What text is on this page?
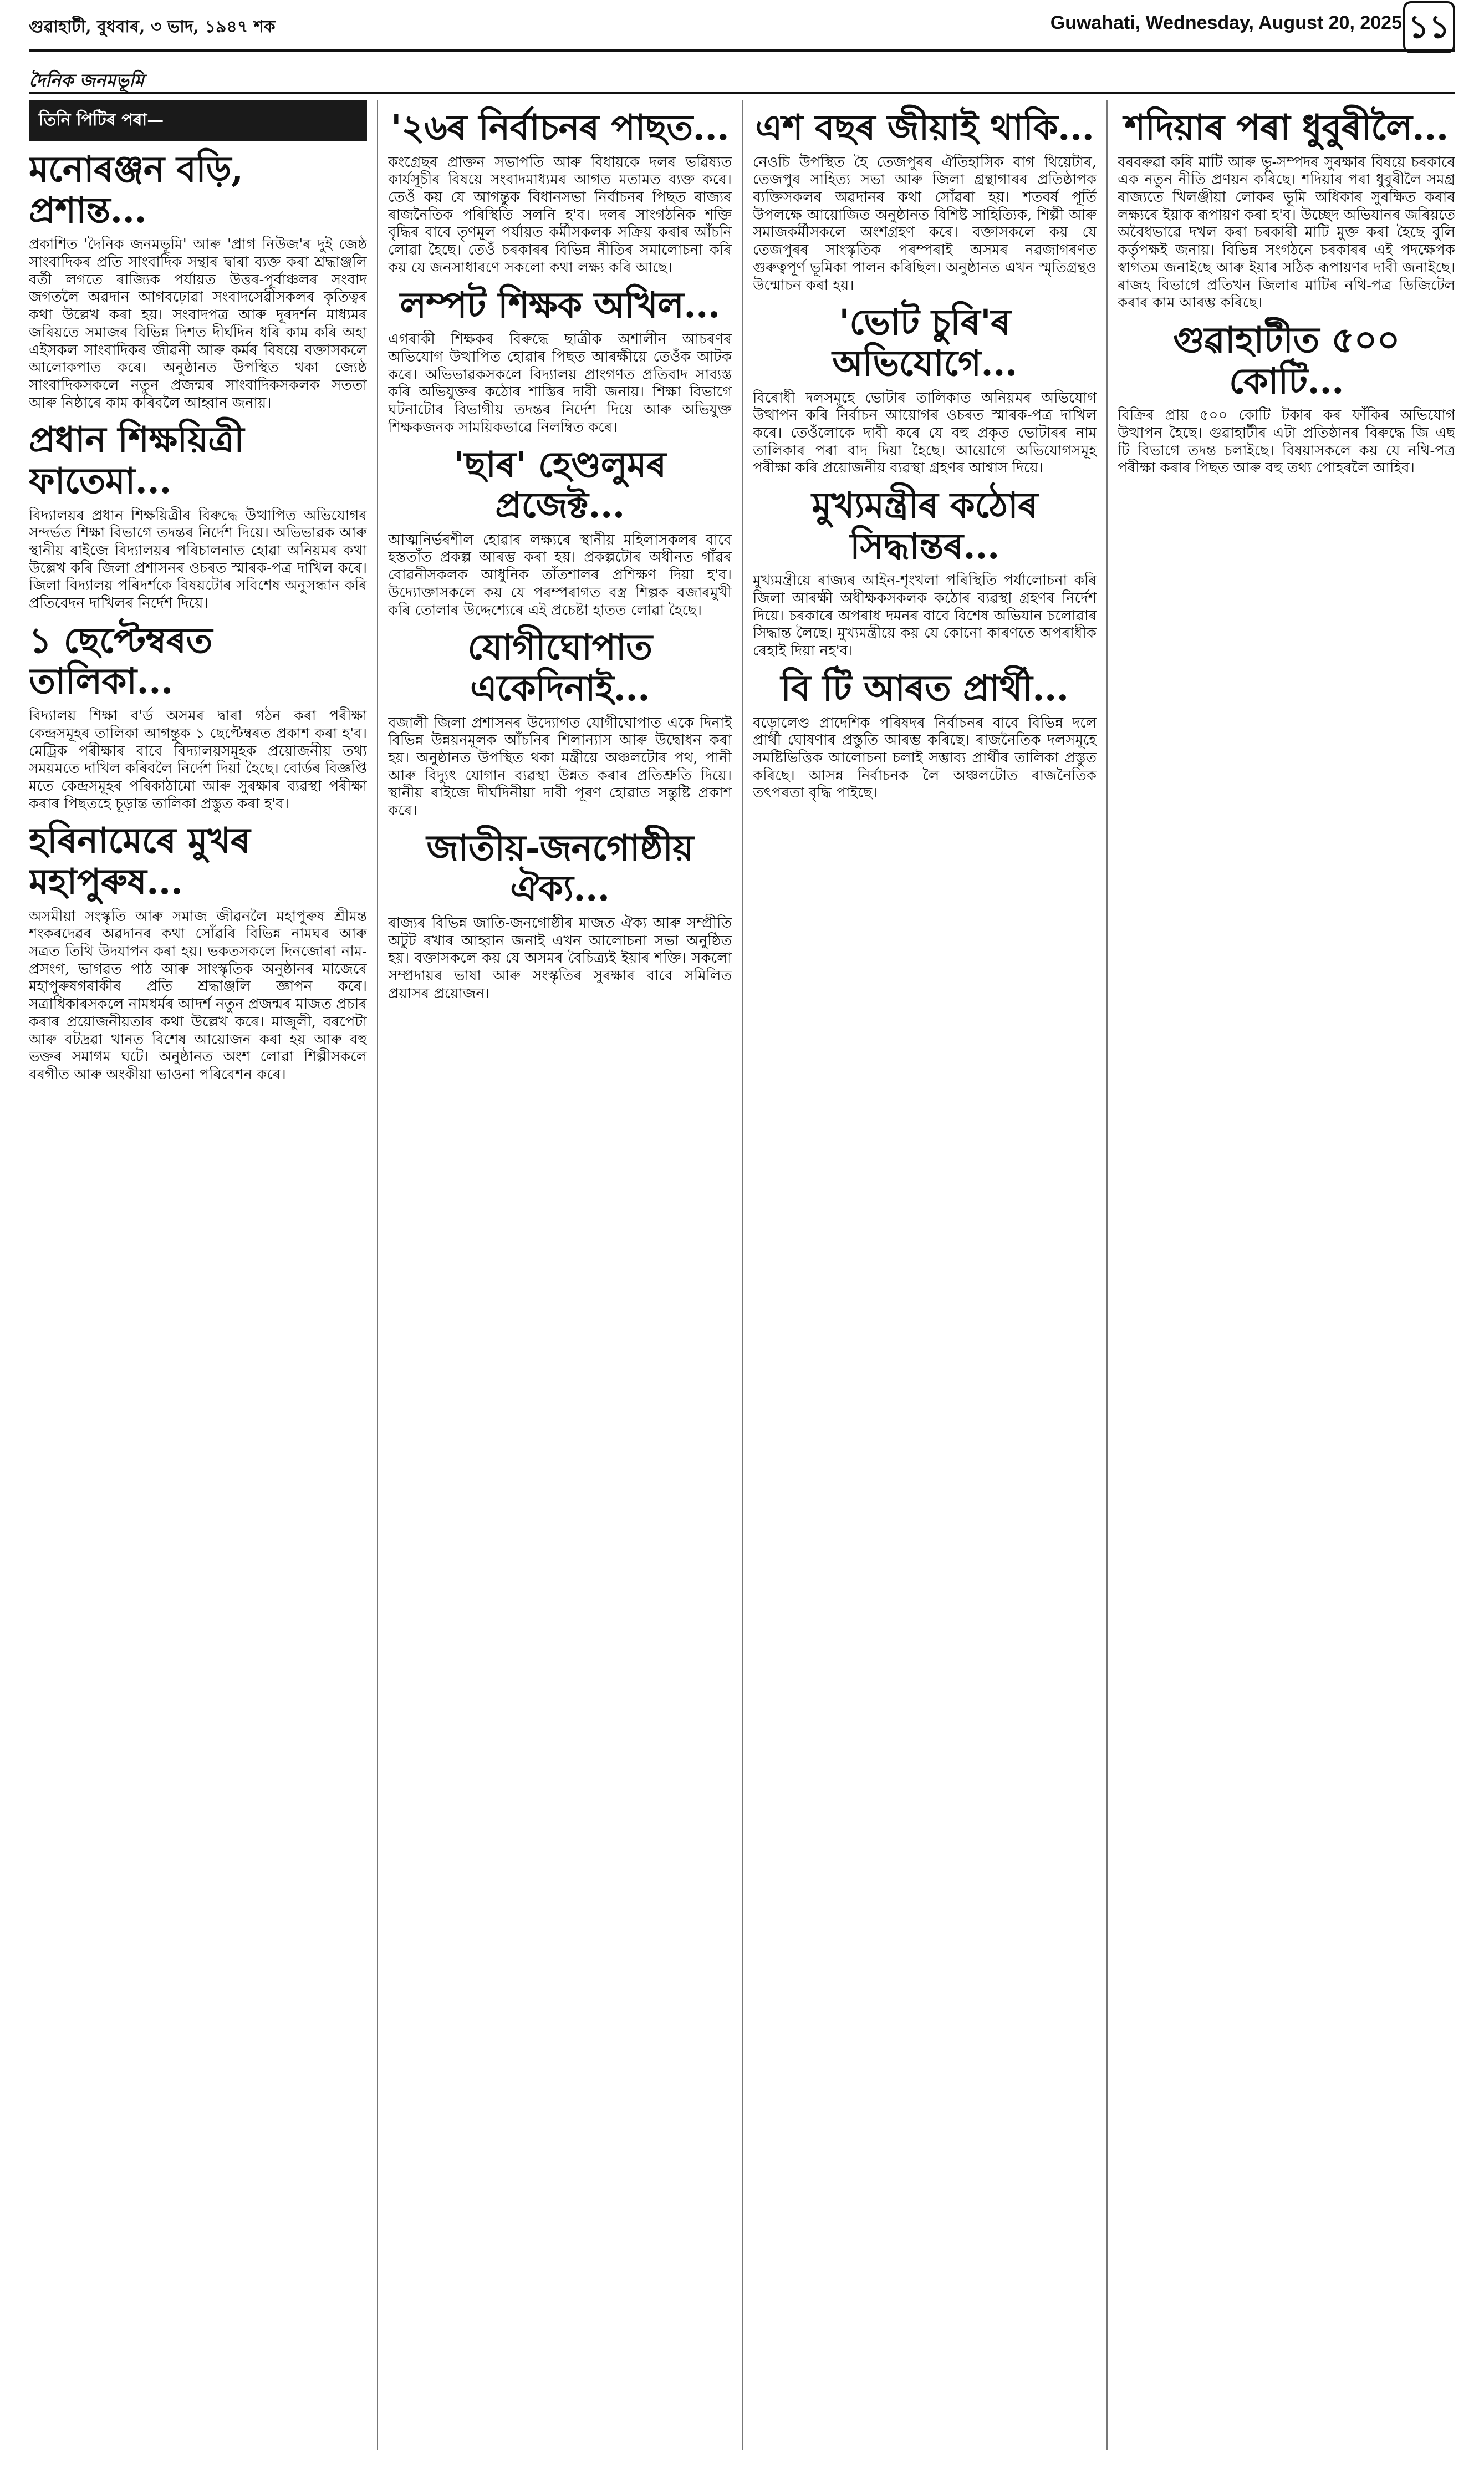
গুৱাহাটী, বুধবাৰ, ৩ ভাদ, ১৯৪৭ শক	Guwahati, Wednesday, August 20, 2025 ১১
দৈনিক জনমভূমি
তিনি পিটিৰ পৰা—
মনোৰঞ্জন বড়ি, প্ৰশান্ত...

প্ৰকাশিত 'দৈনিক জনমভূমি' আৰু 'প্ৰাগ নিউজ'ৰ দুই জেষ্ঠ সাংবাদিকৰ প্ৰতি সাংবাদিক সন্থাৰ দ্বাৰা ব্যক্ত কৰা শ্ৰদ্ধাঞ্জলি বৰ্তী লগতে ৰাজ্যিক পৰ্যায়ত উত্তৰ-পূৰ্বাঞ্চলৰ সংবাদ জগতলৈ অৱদান আগবঢ়োৱা সংবাদসেৱীসকলৰ কৃতিত্বৰ কথা উল্লেখ কৰা হয়। সংবাদপত্ৰ আৰু দূৰদৰ্শন মাধ্যমৰ জৰিয়তে সমাজৰ বিভিন্ন দিশত দীৰ্ঘদিন ধৰি কাম কৰি অহা এইসকল সাংবাদিকৰ জীৱনী আৰু কৰ্মৰ বিষয়ে বক্তাসকলে আলোকপাত কৰে। অনুষ্ঠানত উপস্থিত থকা জ্যেষ্ঠ সাংবাদিকসকলে নতুন প্ৰজন্মৰ সাংবাদিকসকলক সততা আৰু নিষ্ঠাৰে কাম কৰিবলৈ আহ্বান জনায়।

প্ৰধান শিক্ষয়িত্ৰী ফাতেমা...

বিদ্যালয়ৰ প্ৰধান শিক্ষয়িত্ৰীৰ বিৰুদ্ধে উত্থাপিত অভিযোগৰ সন্দৰ্ভত শিক্ষা বিভাগে তদন্তৰ নিৰ্দেশ দিয়ে। অভিভাৱক আৰু স্থানীয় ৰাইজে বিদ্যালয়ৰ পৰিচালনাত হোৱা অনিয়মৰ কথা উল্লেখ কৰি জিলা প্ৰশাসনৰ ওচৰত স্মাৰক-পত্ৰ দাখিল কৰে। জিলা বিদ্যালয় পৰিদৰ্শকে বিষয়টোৰ সবিশেষ অনুসন্ধান কৰি প্ৰতিবেদন দাখিলৰ নিৰ্দেশ দিয়ে।

১ ছেপ্টেম্বৰত তালিকা...

বিদ্যালয় শিক্ষা ব'ৰ্ড অসমৰ দ্বাৰা গঠন কৰা পৰীক্ষা কেন্দ্ৰসমূহৰ তালিকা আগন্তুক ১ ছেপ্টেম্বৰত প্ৰকাশ কৰা হ'ব। মেট্ৰিক পৰীক্ষাৰ বাবে বিদ্যালয়সমূহক প্ৰয়োজনীয় তথ্য সময়মতে দাখিল কৰিবলৈ নিৰ্দেশ দিয়া হৈছে। বোৰ্ডৰ বিজ্ঞপ্তি মতে কেন্দ্ৰসমূহৰ পৰিকাঠামো আৰু সুৰক্ষাৰ ব্যৱস্থা পৰীক্ষা কৰাৰ পিছতহে চূড়ান্ত তালিকা প্ৰস্তুত কৰা হ'ব।

হৰিনামেৰে মুখৰ মহাপুৰুষ...

অসমীয়া সংস্কৃতি আৰু সমাজ জীৱনলৈ মহাপুৰুষ শ্ৰীমন্ত শংকৰদেৱৰ অৱদানৰ কথা সোঁৱৰি বিভিন্ন নামঘৰ আৰু সত্ৰত তিথি উদযাপন কৰা হয়। ভকতসকলে দিনজোৰা নাম-প্ৰসংগ, ভাগৱত পাঠ আৰু সাংস্কৃতিক অনুষ্ঠানৰ মাজেৰে মহাপুৰুষগৰাকীৰ প্ৰতি শ্ৰদ্ধাঞ্জলি জ্ঞাপন কৰে। সত্ৰাধিকাৰসকলে নামধৰ্মৰ আদৰ্শ নতুন প্ৰজন্মৰ মাজত প্ৰচাৰ কৰাৰ প্ৰয়োজনীয়তাৰ কথা উল্লেখ কৰে। মাজুলী, বৰপেটা আৰু বটদ্ৰৱা থানত বিশেষ আয়োজন কৰা হয় আৰু বহু ভক্তৰ সমাগম ঘটে। অনুষ্ঠানত অংশ লোৱা শিল্পীসকলে বৰগীত আৰু অংকীয়া ভাওনা পৰিবেশন কৰে।

'২৬ৰ নিৰ্বাচনৰ পাছত...

কংগ্ৰেছৰ প্ৰাক্তন সভাপতি আৰু বিধায়কে দলৰ ভৱিষ্যত কাৰ্যসূচীৰ বিষয়ে সংবাদমাধ্যমৰ আগত মতামত ব্যক্ত কৰে। তেওঁ কয় যে আগন্তুক বিধানসভা নিৰ্বাচনৰ পিছত ৰাজ্যৰ ৰাজনৈতিক পৰিস্থিতি সলনি হ'ব। দলৰ সাংগঠনিক শক্তি বৃদ্ধিৰ বাবে তৃণমূল পৰ্যায়ত কৰ্মীসকলক সক্ৰিয় কৰাৰ আঁচনি লোৱা হৈছে। তেওঁ চৰকাৰৰ বিভিন্ন নীতিৰ সমালোচনা কৰি কয় যে জনসাধাৰণে সকলো কথা লক্ষ্য কৰি আছে।

লম্পট শিক্ষক অখিল...

এগৰাকী শিক্ষকৰ বিৰুদ্ধে ছাত্ৰীক অশালীন আচৰণৰ অভিযোগ উত্থাপিত হোৱাৰ পিছত আৰক্ষীয়ে তেওঁক আটক কৰে। অভিভাৱকসকলে বিদ্যালয় প্ৰাংগণত প্ৰতিবাদ সাব্যস্ত কৰি অভিযুক্তৰ কঠোৰ শাস্তিৰ দাবী জনায়। শিক্ষা বিভাগে ঘটনাটোৰ বিভাগীয় তদন্তৰ নিৰ্দেশ দিয়ে আৰু অভিযুক্ত শিক্ষকজনক সাময়িকভাৱে নিলম্বিত কৰে।

'ছাৰ' হেণ্ডলুমৰ প্ৰজেক্ট...

আত্মনিৰ্ভৰশীল হোৱাৰ লক্ষ্যৰে স্থানীয় মহিলাসকলৰ বাবে হস্ততাঁত প্ৰকল্প আৰম্ভ কৰা হয়। প্ৰকল্পটোৰ অধীনত গাঁৱৰ বোৱনীসকলক আধুনিক তাঁতশালৰ প্ৰশিক্ষণ দিয়া হ'ব। উদ্যোক্তাসকলে কয় যে পৰম্পৰাগত বস্ত্ৰ শিল্পক বজাৰমুখী কৰি তোলাৰ উদ্দেশ্যেৰে এই প্ৰচেষ্টা হাতত লোৱা হৈছে।

যোগীঘোপাত একেদিনাই...

বজালী জিলা প্ৰশাসনৰ উদ্যোগত যোগীঘোপাত একে দিনাই বিভিন্ন উন্নয়নমূলক আঁচনিৰ শিলান্যাস আৰু উদ্বোধন কৰা হয়। অনুষ্ঠানত উপস্থিত থকা মন্ত্ৰীয়ে অঞ্চলটোৰ পথ, পানী আৰু বিদ্যুৎ যোগান ব্যৱস্থা উন্নত কৰাৰ প্ৰতিশ্ৰুতি দিয়ে। স্থানীয় ৰাইজে দীৰ্ঘদিনীয়া দাবী পূৰণ হোৱাত সন্তুষ্টি প্ৰকাশ কৰে।

জাতীয়-জনগোষ্ঠীয় ঐক্য...

ৰাজ্যৰ বিভিন্ন জাতি-জনগোষ্ঠীৰ মাজত ঐক্য আৰু সম্প্ৰীতি অটুট ৰখাৰ আহ্বান জনাই এখন আলোচনা সভা অনুষ্ঠিত হয়। বক্তাসকলে কয় যে অসমৰ বৈচিত্ৰ্যই ইয়াৰ শক্তি। সকলো সম্প্ৰদায়ৰ ভাষা আৰু সংস্কৃতিৰ সুৰক্ষাৰ বাবে সমিলিত প্ৰয়াসৰ প্ৰয়োজন।

এশ বছৰ জীয়াই থাকি...

নেওচি উপস্থিত হৈ তেজপুৰৰ ঐতিহাসিক বাগ থিয়েটাৰ, তেজপুৰ সাহিত্য সভা আৰু জিলা গ্ৰন্থাগাৰৰ প্ৰতিষ্ঠাপক ব্যক্তিসকলৰ অৱদানৰ কথা সোঁৱৰা হয়। শতবৰ্ষ পূৰ্তি উপলক্ষে আয়োজিত অনুষ্ঠানত বিশিষ্ট সাহিত্যিক, শিল্পী আৰু সমাজকৰ্মীসকলে অংশগ্ৰহণ কৰে। বক্তাসকলে কয় যে তেজপুৰৰ সাংস্কৃতিক পৰম্পৰাই অসমৰ নৱজাগৰণত গুৰুত্বপূৰ্ণ ভূমিকা পালন কৰিছিল। অনুষ্ঠানত এখন স্মৃতিগ্ৰন্থও উন্মোচন কৰা হয়।

'ভোট চুৰি'ৰ অভিযোগে...

বিৰোধী দলসমূহে ভোটাৰ তালিকাত অনিয়মৰ অভিযোগ উত্থাপন কৰি নিৰ্বাচন আয়োগৰ ওচৰত স্মাৰক-পত্ৰ দাখিল কৰে। তেওঁলোকে দাবী কৰে যে বহু প্ৰকৃত ভোটাৰৰ নাম তালিকাৰ পৰা বাদ দিয়া হৈছে। আয়োগে অভিযোগসমূহ পৰীক্ষা কৰি প্ৰয়োজনীয় ব্যৱস্থা গ্ৰহণৰ আশ্বাস দিয়ে।

মুখ্যমন্ত্ৰীৰ কঠোৰ সিদ্ধান্তৰ...

মুখ্যমন্ত্ৰীয়ে ৰাজ্যৰ আইন-শৃংখলা পৰিস্থিতি পৰ্যালোচনা কৰি জিলা আৰক্ষী অধীক্ষকসকলক কঠোৰ ব্যৱস্থা গ্ৰহণৰ নিৰ্দেশ দিয়ে। চৰকাৰে অপৰাধ দমনৰ বাবে বিশেষ অভিযান চলোৱাৰ সিদ্ধান্ত লৈছে। মুখ্যমন্ত্ৰীয়ে কয় যে কোনো কাৰণতে অপৰাধীক ৰেহাই দিয়া নহ'ব।

বি টি আৰত প্ৰাৰ্থী...

বড়োলেণ্ড প্ৰাদেশিক পৰিষদৰ নিৰ্বাচনৰ বাবে বিভিন্ন দলে প্ৰাৰ্থী ঘোষণাৰ প্ৰস্তুতি আৰম্ভ কৰিছে। ৰাজনৈতিক দলসমূহে সমষ্টিভিত্তিক আলোচনা চলাই সম্ভাব্য প্ৰাৰ্থীৰ তালিকা প্ৰস্তুত কৰিছে। আসন্ন নিৰ্বাচনক লৈ অঞ্চলটোত ৰাজনৈতিক তৎপৰতা বৃদ্ধি পাইছে।

শদিয়াৰ পৰা ধুবুৰীলৈ...

বৰবৰুৱা কৰি মাটি আৰু ভূ-সম্পদৰ সুৰক্ষাৰ বিষয়ে চৰকাৰে এক নতুন নীতি প্ৰণয়ন কৰিছে। শদিয়াৰ পৰা ধুবুৰীলৈ সমগ্ৰ ৰাজ্যতে খিলঞ্জীয়া লোকৰ ভূমি অধিকাৰ সুৰক্ষিত কৰাৰ লক্ষ্যৰে ইয়াক ৰূপায়ণ কৰা হ'ব। উচ্ছেদ অভিযানৰ জৰিয়তে অবৈধভাৱে দখল কৰা চৰকাৰী মাটি মুক্ত কৰা হৈছে বুলি কৰ্তৃপক্ষই জনায়। বিভিন্ন সংগঠনে চৰকাৰৰ এই পদক্ষেপক স্বাগতম জনাইছে আৰু ইয়াৰ সঠিক ৰূপায়ণৰ দাবী জনাইছে। ৰাজহ বিভাগে প্ৰতিখন জিলাৰ মাটিৰ নথি-পত্ৰ ডিজিটেল কৰাৰ কাম আৰম্ভ কৰিছে।

গুৱাহাটীত ৫০০ কোটি...

বিক্ৰিৰ প্ৰায় ৫০০ কোটি টকাৰ কৰ ফাঁকিৰ অভিযোগ উত্থাপন হৈছে। গুৱাহাটীৰ এটা প্ৰতিষ্ঠানৰ বিৰুদ্ধে জি এছ টি বিভাগে তদন্ত চলাইছে। বিষয়াসকলে কয় যে নথি-পত্ৰ পৰীক্ষা কৰাৰ পিছত আৰু বহু তথ্য পোহৰলৈ আহিব।
